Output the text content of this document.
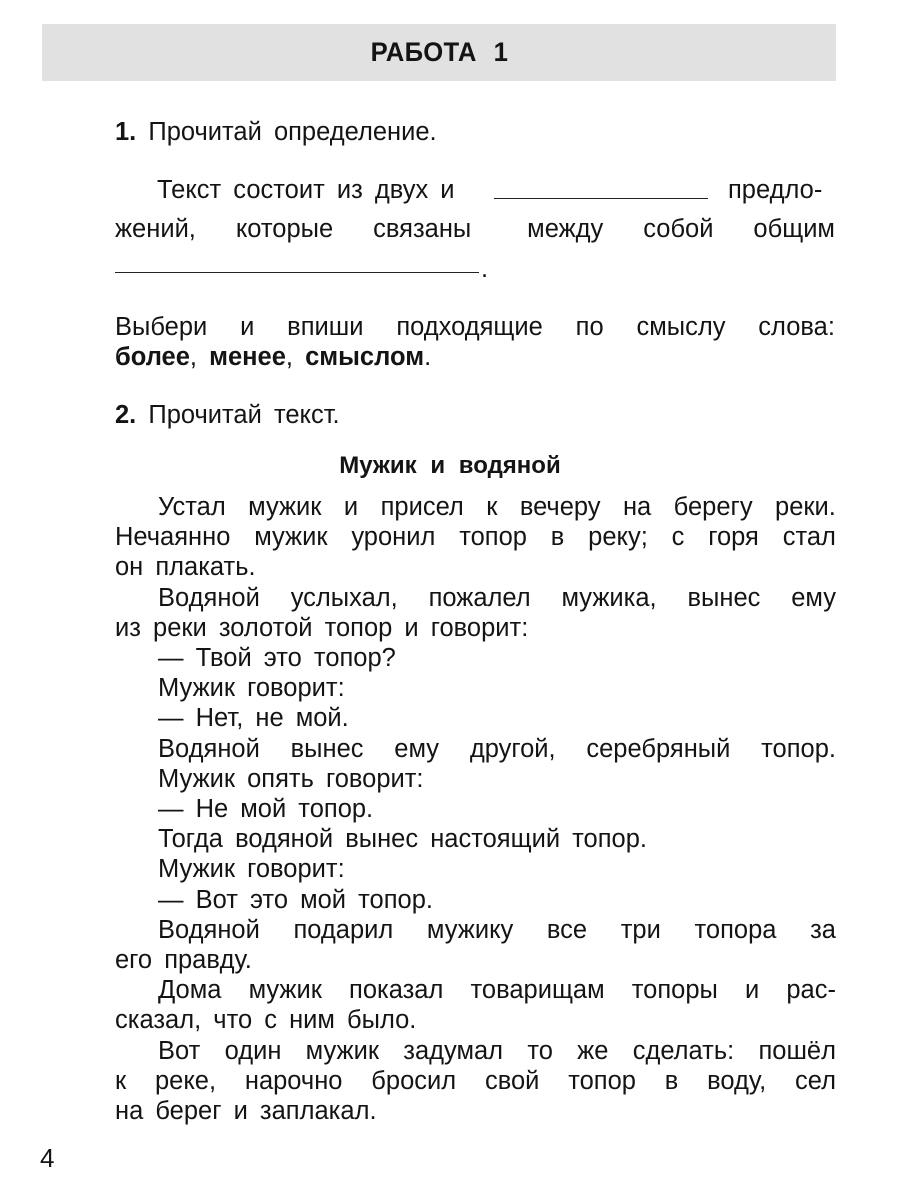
РАБОТА 1
1. Прочитай определение.
Текст состоит из двух и	предло-
жений, которые связаны между собой общим
.
Выбери и впиши подходящие по смыслу слова:
более, менее, смыслом.
2. Прочитай текст.
Мужик и водяной
Устал мужик и присел к вечеру на берегу реки.
Нечаянно мужик уронил топор в реку; с горя стал
он плакать.
Водяной услыхал, пожалел мужика, вынес ему
из реки золотой топор и говорит:
— Твой это топор?
Мужик говорит:
— Нет, не мой.
Водяной вынес ему другой, серебряный топор.
Мужик опять говорит:
— Не мой топор.
Тогда водяной вынес настоящий топор.
Мужик говорит:
— Вот это мой топор.
Водяной подарил мужику все три топора за
его правду.
Дома мужик показал товарищам топоры и рас-
сказал, что с ним было.
Вот один мужик задумал то же сделать: пошёл
к реке, нарочно бросил свой топор в воду, сел
на берег и заплакал.
4
